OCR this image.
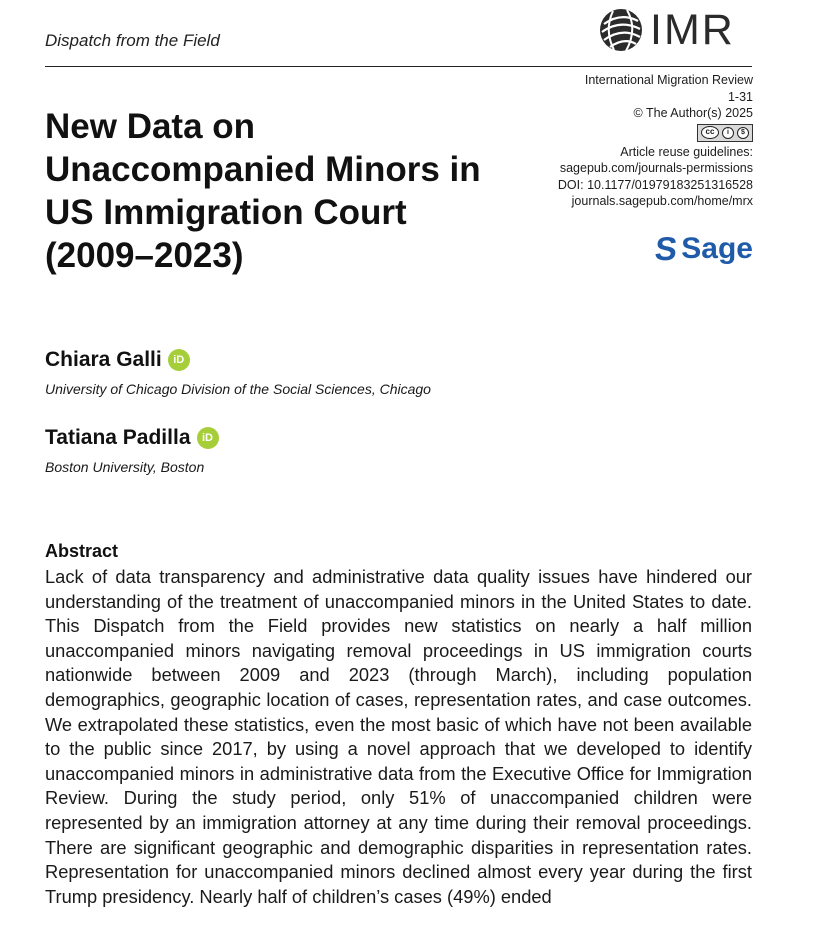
Dispatch from the Field	IMR
International Migration Review
1-31
© The Author(s) 2025
cc	i	$
Article reuse guidelines:
sagepub.com/journals-permissions
DOI: 10.1177/01979183251316528
journals.sagepub.com/home/mrx
S Sage
New Data on Unaccompanied Minors in US Immigration Court (2009–2023)
Chiara Galli	iD
University of Chicago Division of the Social Sciences, Chicago
Tatiana Padilla	iD
Boston University, Boston
Abstract

Lack of data transparency and administrative data quality issues have hindered our understanding of the treatment of unaccompanied minors in the United States to date. This Dispatch from the Field provides new statistics on nearly a half million unaccompanied minors navigating removal proceedings in US immigration courts nationwide between 2009 and 2023 (through March), including population demographics, geographic location of cases, representation rates, and case outcomes. We extrapolated these statistics, even the most basic of which have not been available to the public since 2017, by using a novel approach that we developed to identify unaccompanied minors in administrative data from the Executive Office for Immigration Review. During the study period, only 51% of unaccompanied children were represented by an immigration attorney at any time during their removal proceedings. There are significant geographic and demographic disparities in representation rates. Representation for unaccompanied minors declined almost every year during the first Trump presidency. Nearly half of children’s cases (49%) ended
